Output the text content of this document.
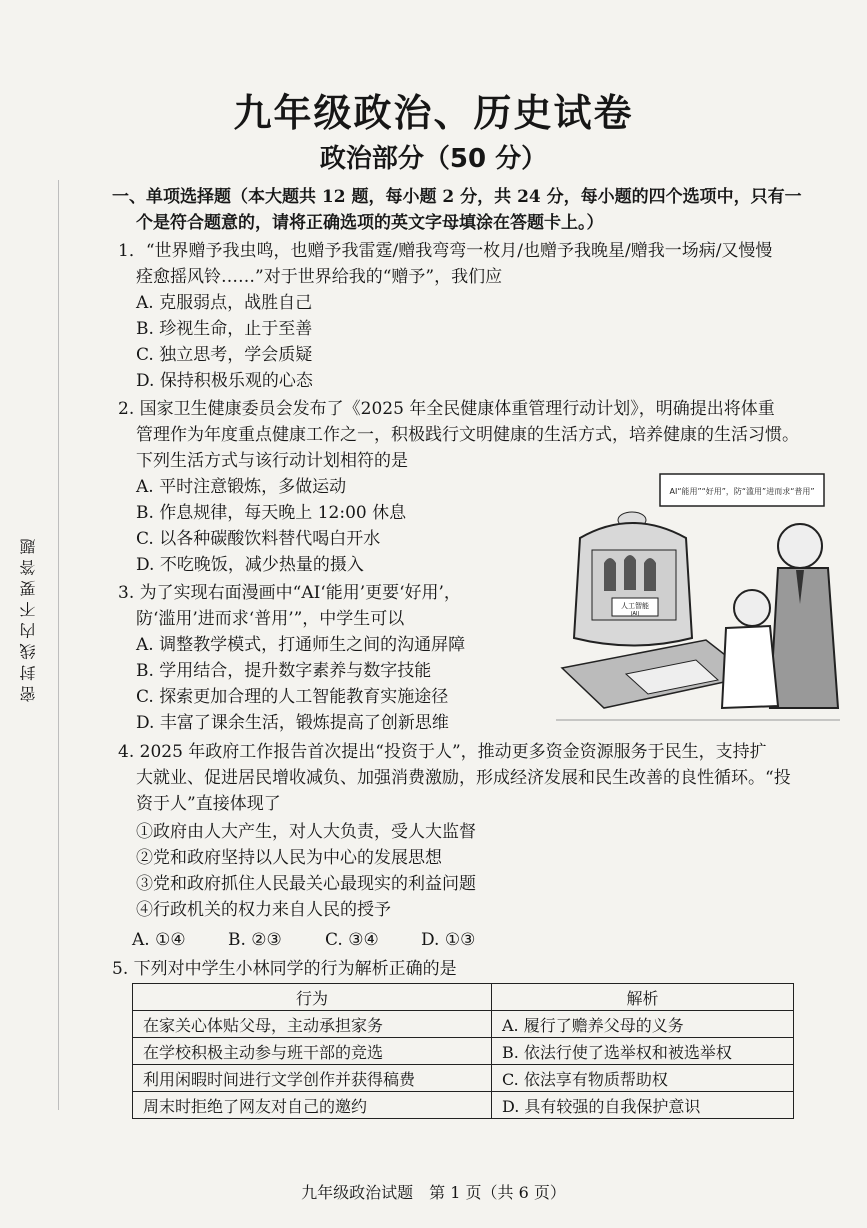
密 封 线 内 不 要 答 题
九年级政治、历史试卷
政治部分（50 分）
一、单项选择题（本大题共 12 题，每小题 2 分，共 24 分，每小题的四个选项中，只有一
个是符合题意的，请将正确选项的英文字母填涂在答题卡上。）
1．“世界赠予我虫鸣，也赠予我雷霆/赠我弯弯一枚月/也赠予我晚星/赠我一场病/又慢慢
痊愈摇风铃……”对于世界给我的“赠予”，我们应
A. 克服弱点，战胜自己
B. 珍视生命，止于至善
C. 独立思考，学会质疑
D. 保持积极乐观的心态
2. 国家卫生健康委员会发布了《2025 年全民健康体重管理行动计划》，明确提出将体重
管理作为年度重点健康工作之一，积极践行文明健康的生活方式，培养健康的生活习惯。
下列生活方式与该行动计划相符的是
A. 平时注意锻炼，多做运动
B. 作息规律，每天晚上 12:00 休息
C. 以各种碳酸饮料替代喝白开水
D. 不吃晚饭，减少热量的摄入
3. 为了实现右面漫画中“AI‘能用’更要‘好用’，
防‘滥用’进而求‘普用’”，中学生可以
A. 调整教学模式，打通师生之间的沟通屏障
B. 学用结合，提升数字素养与数字技能
C. 探索更加合理的人工智能教育实施途径
D. 丰富了课余生活，锻炼提高了创新思维
AI“能用”“好用”，防“滥用”进而求“普用”
人工智能
(AI)
4. 2025 年政府工作报告首次提出“投资于人”，推动更多资金资源服务于民生，支持扩
大就业、促进居民增收减负、加强消费激励，形成经济发展和民生改善的良性循环。“投
资于人”直接体现了
①政府由人大产生，对人大负责，受人大监督
②党和政府坚持以人民为中心的发展思想
③党和政府抓住人民最关心最现实的利益问题
④行政机关的权力来自人民的授予
A. ①④ B. ②③	C. ③④ D. ①③
5. 下列对中学生小林同学的行为解析正确的是
行为	解析
在家关心体贴父母，主动承担家务	A. 履行了赡养父母的义务
在学校积极主动参与班干部的竞选	B. 依法行使了选举权和被选举权
利用闲暇时间进行文学创作并获得稿费	C. 依法享有物质帮助权
周末时拒绝了网友对自己的邀约	D. 具有较强的自我保护意识
九年级政治试题　第 1 页（共 6 页）
